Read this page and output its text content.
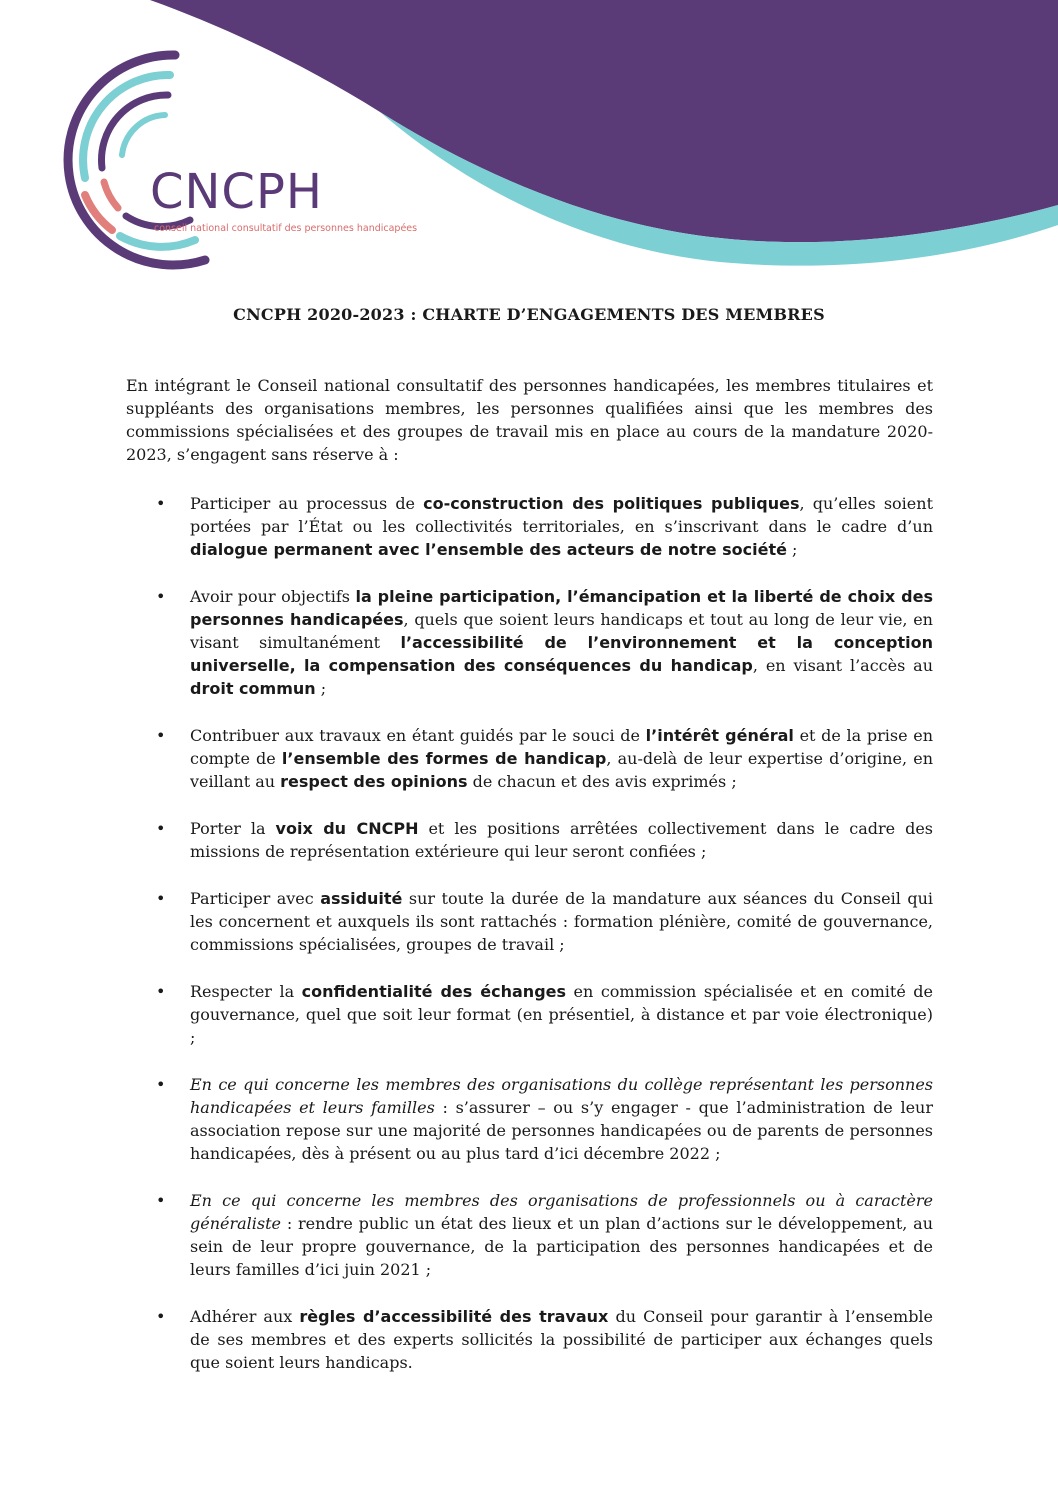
CNCPH
conseil national consultatif des personnes handicapées
CNCPH 2020-2023 : CHARTE D’ENGAGEMENTS DES MEMBRES

En intégrant le Conseil national consultatif des personnes handicapées, les membres titulaires et suppléants des organisations membres, les personnes qualifiées ainsi que les membres des commissions spécialisées et des groupes de travail mis en place au cours de la mandature 2020-2023, s’engagent sans réserve à :

• Participer au processus de co-construction des politiques publiques, qu’elles soient portées par l’État ou les collectivités territoriales, en s’inscrivant dans le cadre d’un dialogue permanent avec l’ensemble des acteurs de notre société ;
• Avoir pour objectifs la pleine participation, l’émancipation et la liberté de choix des personnes handicapées, quels que soient leurs handicaps et tout au long de leur vie, en visant simultanément l’accessibilité de l’environnement et la conception universelle, la compensation des conséquences du handicap, en visant l’accès au droit commun ;
• Contribuer aux travaux en étant guidés par le souci de l’intérêt général et de la prise en compte de l’ensemble des formes de handicap, au-delà de leur expertise d’origine, en veillant au respect des opinions de chacun et des avis exprimés ;
• Porter la voix du CNCPH et les positions arrêtées collectivement dans le cadre des missions de représentation extérieure qui leur seront confiées ;
• Participer avec assiduité sur toute la durée de la mandature aux séances du Conseil qui les concernent et auxquels ils sont rattachés : formation plénière, comité de gouvernance, commissions spécialisées, groupes de travail ;
• Respecter la confidentialité des échanges en commission spécialisée et en comité de gouvernance, quel que soit leur format (en présentiel, à distance et par voie électronique) ;
• En ce qui concerne les membres des organisations du collège représentant les personnes handicapées et leurs familles : s’assurer – ou s’y engager - que l’administration de leur association repose sur une majorité de personnes handicapées ou de parents de personnes handicapées, dès à présent ou au plus tard d’ici décembre 2022 ;
• En ce qui concerne les membres des organisations de professionnels ou à caractère généraliste : rendre public un état des lieux et un plan d’actions sur le développement, au sein de leur propre gouvernance, de la participation des personnes handicapées et de leurs familles d’ici juin 2021 ;
• Adhérer aux règles d’accessibilité des travaux du Conseil pour garantir à l’ensemble de ses membres et des experts sollicités la possibilité de participer aux échanges quels que soient leurs handicaps.
